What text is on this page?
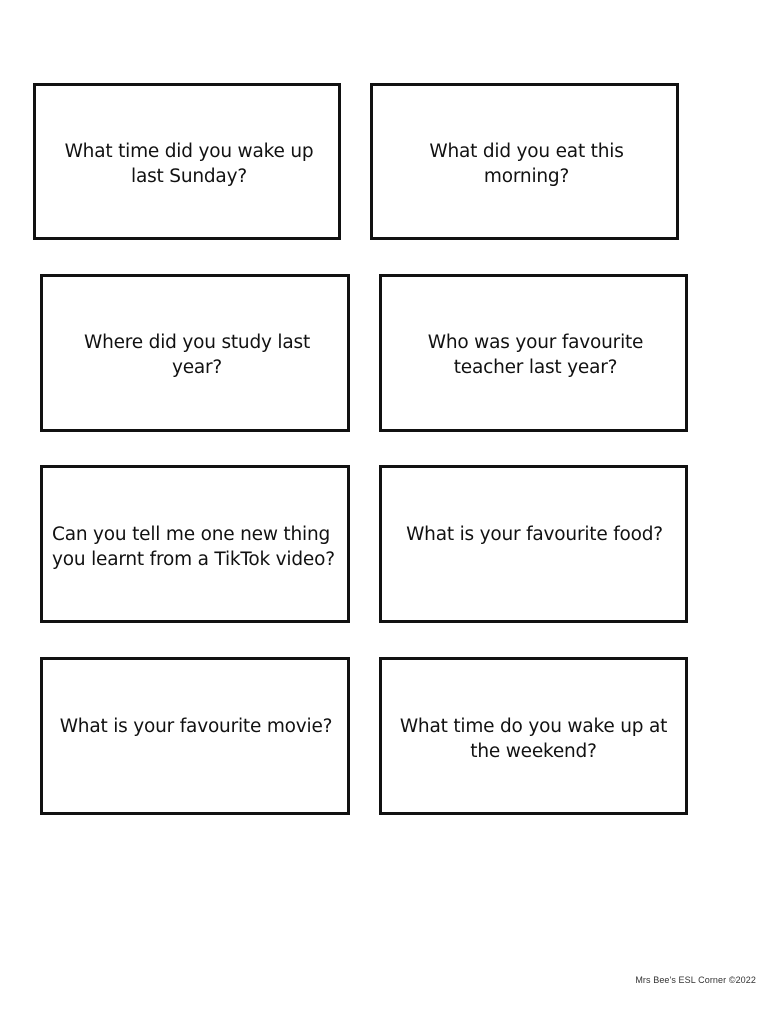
What time did you wake up last Sunday?

What did you eat this morning?

Where did you study last year?

Who was your favourite teacher last year?

Can you tell me one new thing you learnt from a TikTok video?

What is your favourite food?

What is your favourite movie?	What time do you wake up at the weekend?

Mrs Bee's ESL Corner ©2022
